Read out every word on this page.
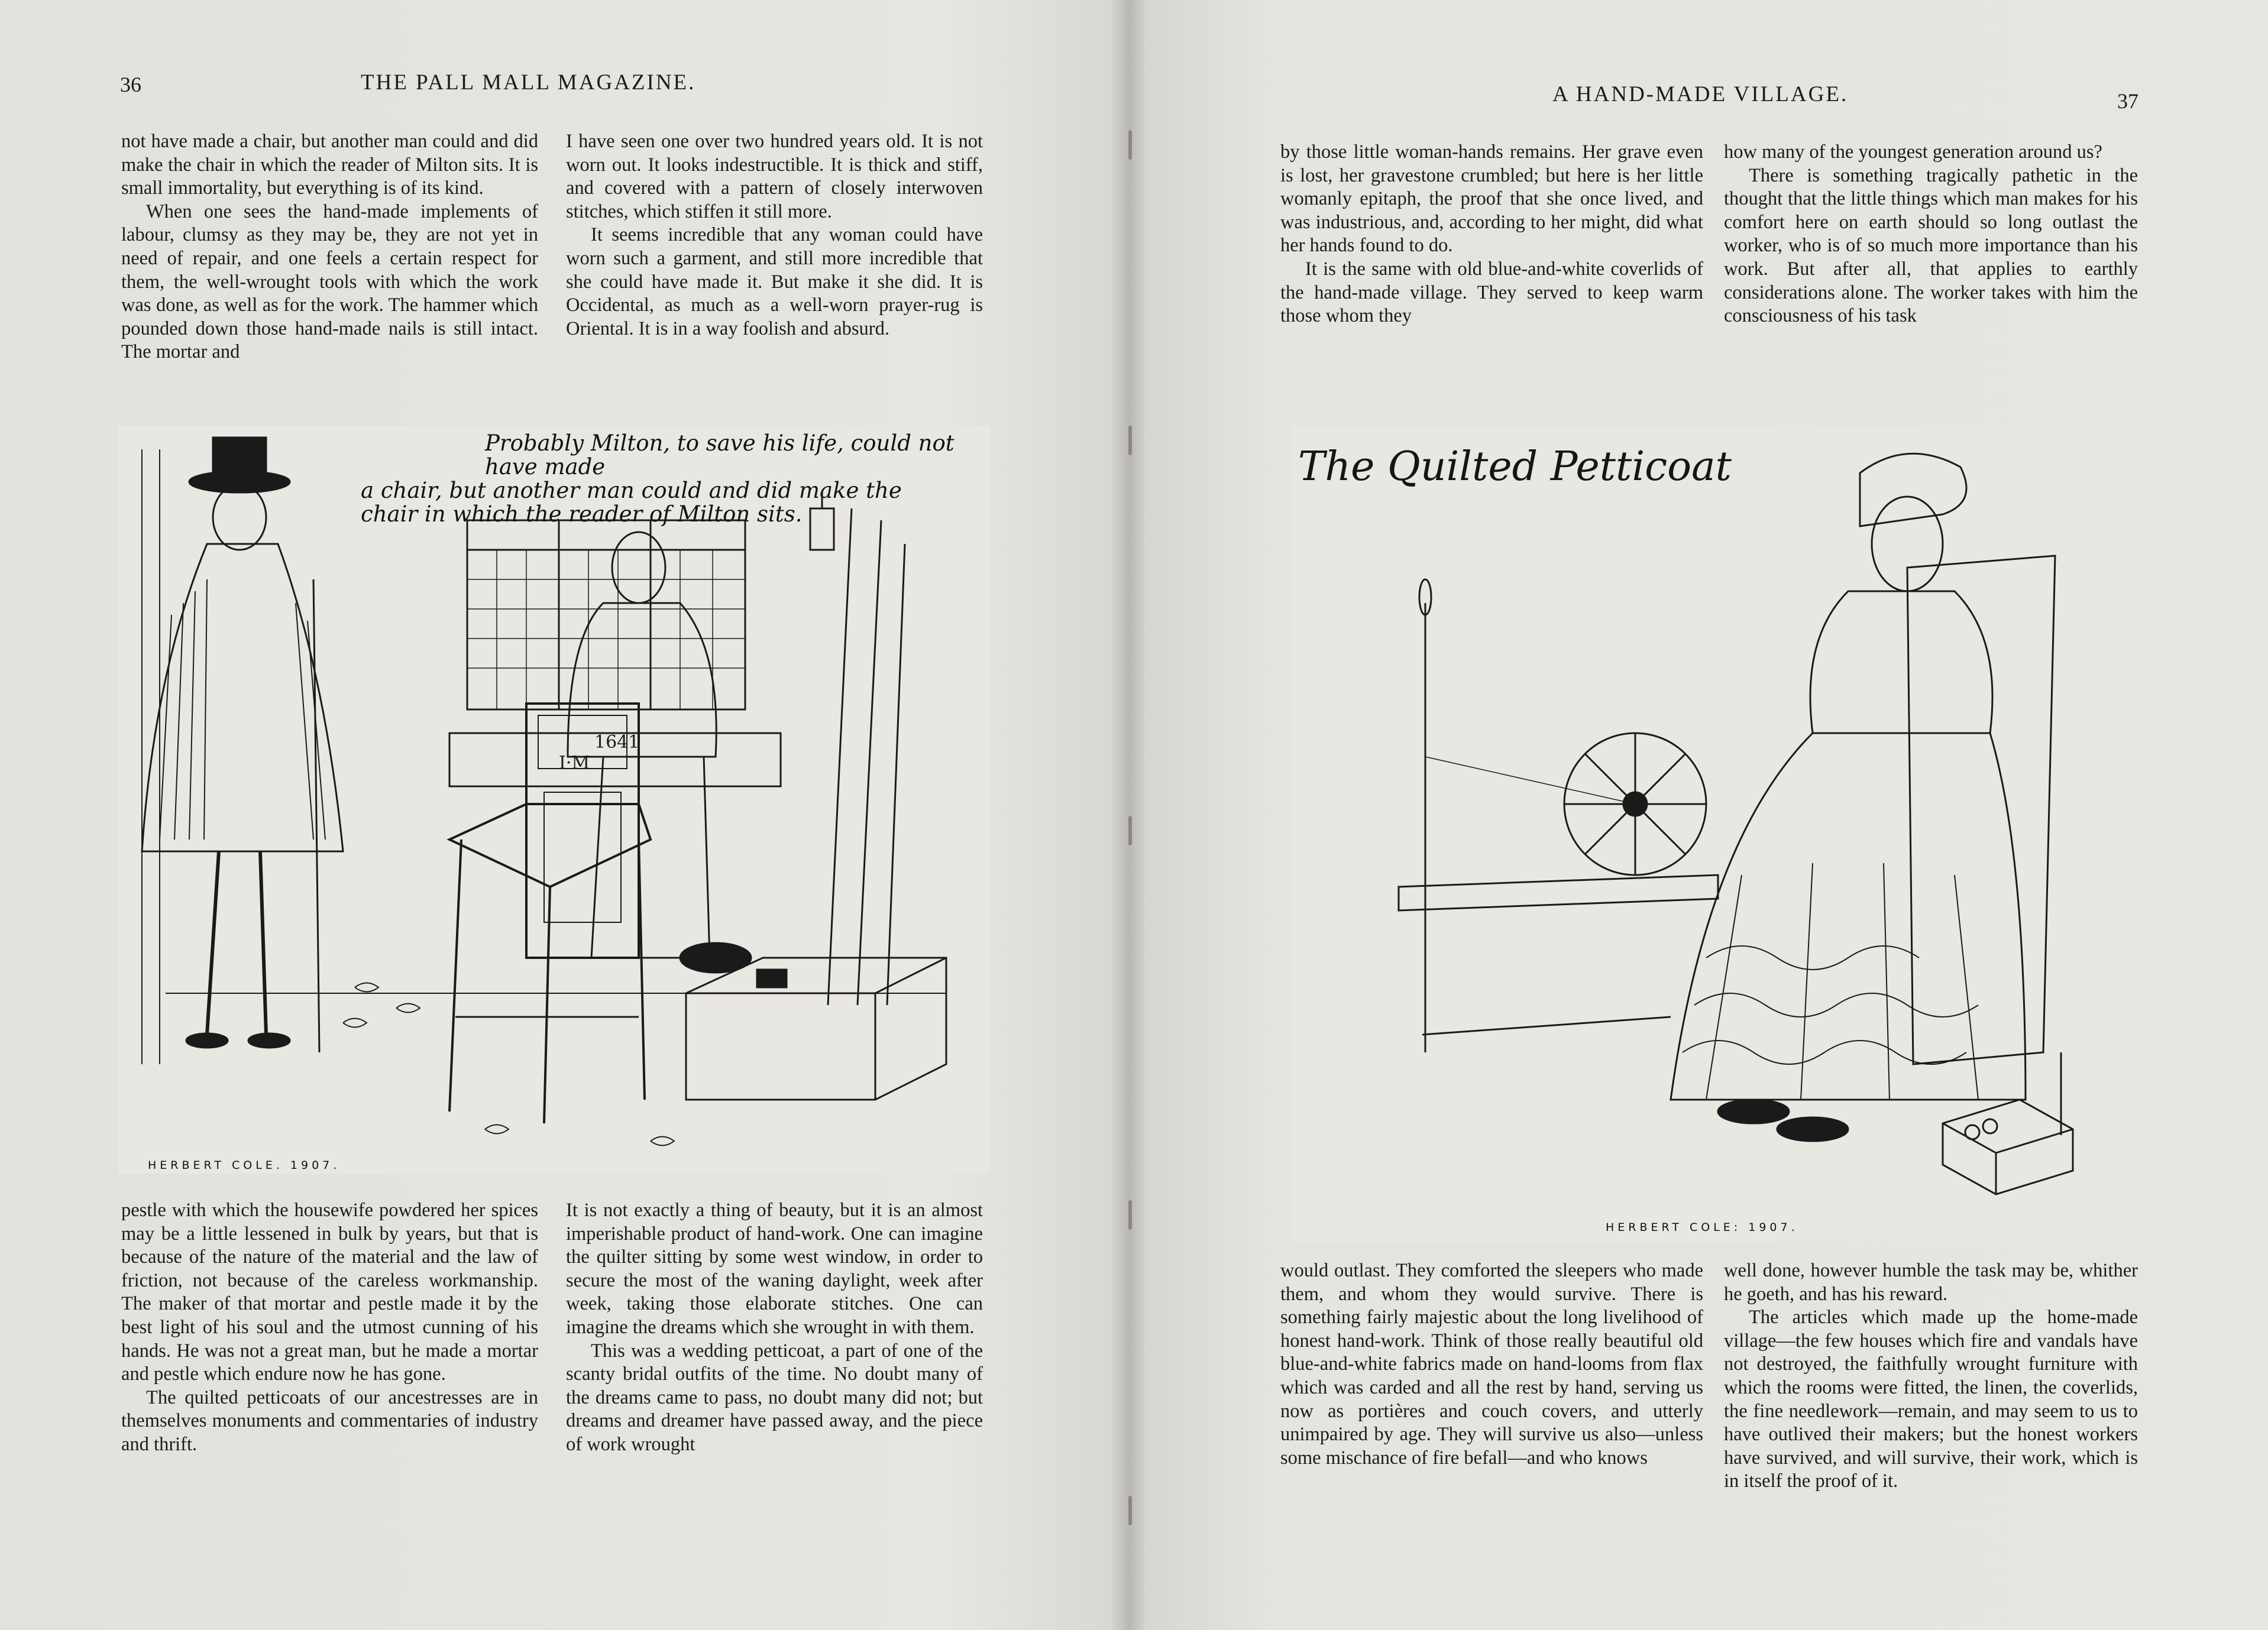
36	THE PALL MALL MAGAZINE.

not have made a chair, but another man could and did make the chair in which the reader of Milton sits. It is small immortality, but everything is of its kind.

When one sees the hand-made implements of labour, clumsy as they may be, they are not yet in need of repair, and one feels a certain respect for them, the well-wrought tools with which the work was done, as well as for the work. The hammer which pounded down those hand-made nails is still intact. The mortar and

I have seen one over two hundred years old. It is not worn out. It looks indestructible. It is thick and stiff, and covered with a pattern of closely interwoven stitches, which stiffen it still more.

It seems incredible that any woman could have worn such a garment, and still more incredible that she could have made it. But make it she did. It is Occidental, as much as a well-worn prayer-rug is Oriental. It is in a way foolish and absurd.

Probably Milton, to save his life, could not have made
a chair, but another man could and did make the
chair in which the reader of Milton sits.
1641
I·M
HERBERT COLE. 1907.

pestle with which the housewife powdered her spices may be a little lessened in bulk by years, but that is because of the nature of the material and the law of friction, not because of the careless workmanship. The maker of that mortar and pestle made it by the best light of his soul and the utmost cunning of his hands. He was not a great man, but he made a mortar and pestle which endure now he has gone.

The quilted petticoats of our ancestresses are in themselves monuments and commentaries of industry and thrift.

It is not exactly a thing of beauty, but it is an almost imperishable product of hand-work. One can imagine the quilter sitting by some west window, in order to secure the most of the waning daylight, week after week, taking those elaborate stitches. One can imagine the dreams which she wrought in with them.

This was a wedding petticoat, a part of one of the scanty bridal outfits of the time. No doubt many of the dreams came to pass, no doubt many did not; but dreams and dreamer have passed away, and the piece of work wrought

A HAND-MADE VILLAGE.	37

by those little woman-hands remains. Her grave even is lost, her gravestone crumbled; but here is her little womanly epitaph, the proof that she once lived, and was industrious, and, according to her might, did what her hands found to do.

It is the same with old blue-and-white coverlids of the hand-made village. They served to keep warm those whom they

how many of the youngest generation around us?

There is something tragically pathetic in the thought that the little things which man makes for his comfort here on earth should so long outlast the worker, who is of so much more importance than his work. But after all, that applies to earthly considerations alone. The worker takes with him the consciousness of his task

The Quilted Petticoat
HERBERT COLE: 1907.

would outlast. They comforted the sleepers who made them, and whom they would survive. There is something fairly majestic about the long livelihood of honest hand-work. Think of those really beautiful old blue-and-white fabrics made on hand-looms from flax which was carded and all the rest by hand, serving us now as portières and couch covers, and utterly unimpaired by age. They will survive us also—unless some mischance of fire befall—and who knows

well done, however humble the task may be, whither he goeth, and has his reward.

The articles which made up the home-made village—the few houses which fire and vandals have not destroyed, the faithfully wrought furniture with which the rooms were fitted, the linen, the coverlids, the fine needlework—remain, and may seem to us to have outlived their makers; but the honest workers have survived, and will survive, their work, which is in itself the proof of it.
